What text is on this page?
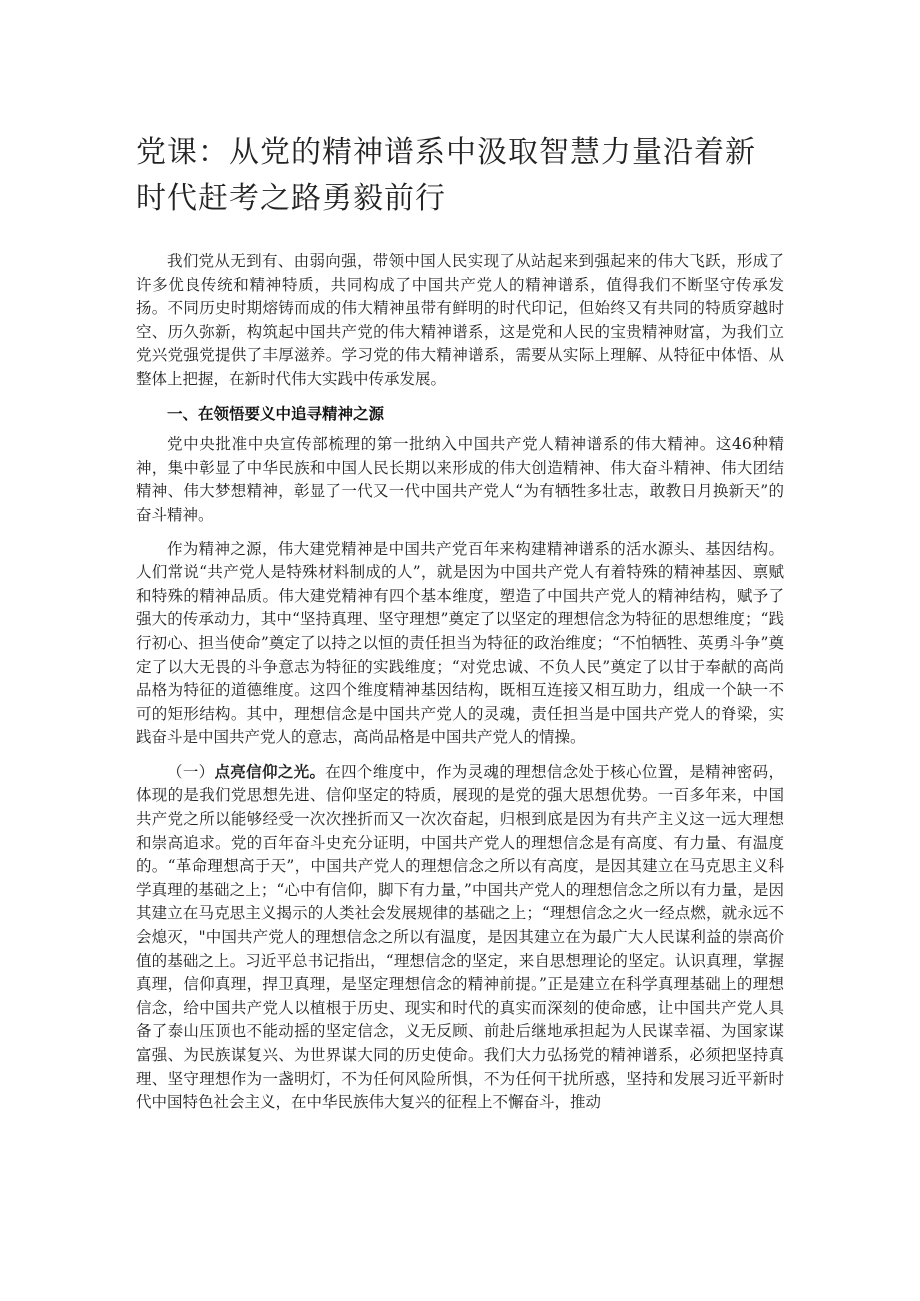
党课：从党的精神谱系中汲取智慧力量沿着新时代赶考之路勇毅前行

我们党从无到有、由弱向强，带领中国人民实现了从站起来到强起来的伟大飞跃，形成了许多优良传统和精神特质，共同构成了中国共产党人的精神谱系，值得我们不断坚守传承发扬。不同历史时期熔铸而成的伟大精神虽带有鲜明的时代印记，但始终又有共同的特质穿越时空、历久弥新，构筑起中国共产党的伟大精神谱系，这是党和人民的宝贵精神财富，为我们立党兴党强党提供了丰厚滋养。学习党的伟大精神谱系，需要从实际上理解、从特征中体悟、从整体上把握，在新时代伟大实践中传承发展。

一、在领悟要义中追寻精神之源

党中央批准中央宣传部梳理的第一批纳入中国共产党人精神谱系的伟大精神。这46种精神，集中彰显了中华民族和中国人民长期以来形成的伟大创造精神、伟大奋斗精神、伟大团结精神、伟大梦想精神，彰显了一代又一代中国共产党人“为有牺牲多壮志，敢教日月换新天”的奋斗精神。

作为精神之源，伟大建党精神是中国共产党百年来构建精神谱系的活水源头、基因结构。人们常说“共产党人是特殊材料制成的人”，就是因为中国共产党人有着特殊的精神基因、禀赋和特殊的精神品质。伟大建党精神有四个基本维度，塑造了中国共产党人的精神结构，赋予了强大的传承动力，其中“坚持真理、坚守理想”奠定了以坚定的理想信念为特征的思想维度；“践行初心、担当使命”奠定了以持之以恒的责任担当为特征的政治维度；“不怕牺牲、英勇斗争”奠定了以大无畏的斗争意志为特征的实践维度；“对党忠诚、不负人民”奠定了以甘于奉献的高尚品格为特征的道德维度。这四个维度精神基因结构，既相互连接又相互助力，组成一个缺一不可的矩形结构。其中，理想信念是中国共产党人的灵魂，责任担当是中国共产党人的脊梁，实践奋斗是中国共产党人的意志，高尚品格是中国共产党人的情操。

（一）点亮信仰之光。在四个维度中，作为灵魂的理想信念处于核心位置，是精神密码，体现的是我们党思想先进、信仰坚定的特质，展现的是党的强大思想优势。一百多年来，中国共产党之所以能够经受一次次挫折而又一次次奋起，归根到底是因为有共产主义这一远大理想和崇高追求。党的百年奋斗史充分证明，中国共产党人的理想信念是有高度、有力量、有温度的。“革命理想高于天”，中国共产党人的理想信念之所以有高度，是因其建立在马克思主义科学真理的基础之上；“心中有信仰，脚下有力量，”中国共产党人的理想信念之所以有力量，是因其建立在马克思主义揭示的人类社会发展规律的基础之上；“理想信念之火一经点燃，就永远不会熄灭，"中国共产党人的理想信念之所以有温度，是因其建立在为最广大人民谋利益的崇高价值的基础之上。习近平总书记指出，“理想信念的坚定，来自思想理论的坚定。认识真理，掌握真理，信仰真理，捍卫真理，是坚定理想信念的精神前提。”正是建立在科学真理基础上的理想信念，给中国共产党人以植根于历史、现实和时代的真实而深刻的使命感，让中国共产党人具备了泰山压顶也不能动摇的坚定信念，义无反顾、前赴后继地承担起为人民谋幸福、为国家谋富强、为民族谋复兴、为世界谋大同的历史使命。我们大力弘扬党的精神谱系，必须把坚持真理、坚守理想作为一盏明灯，不为任何风险所惧，不为任何干扰所惑，坚持和发展习近平新时代中国特色社会主义，在中华民族伟大复兴的征程上不懈奋斗，推动
